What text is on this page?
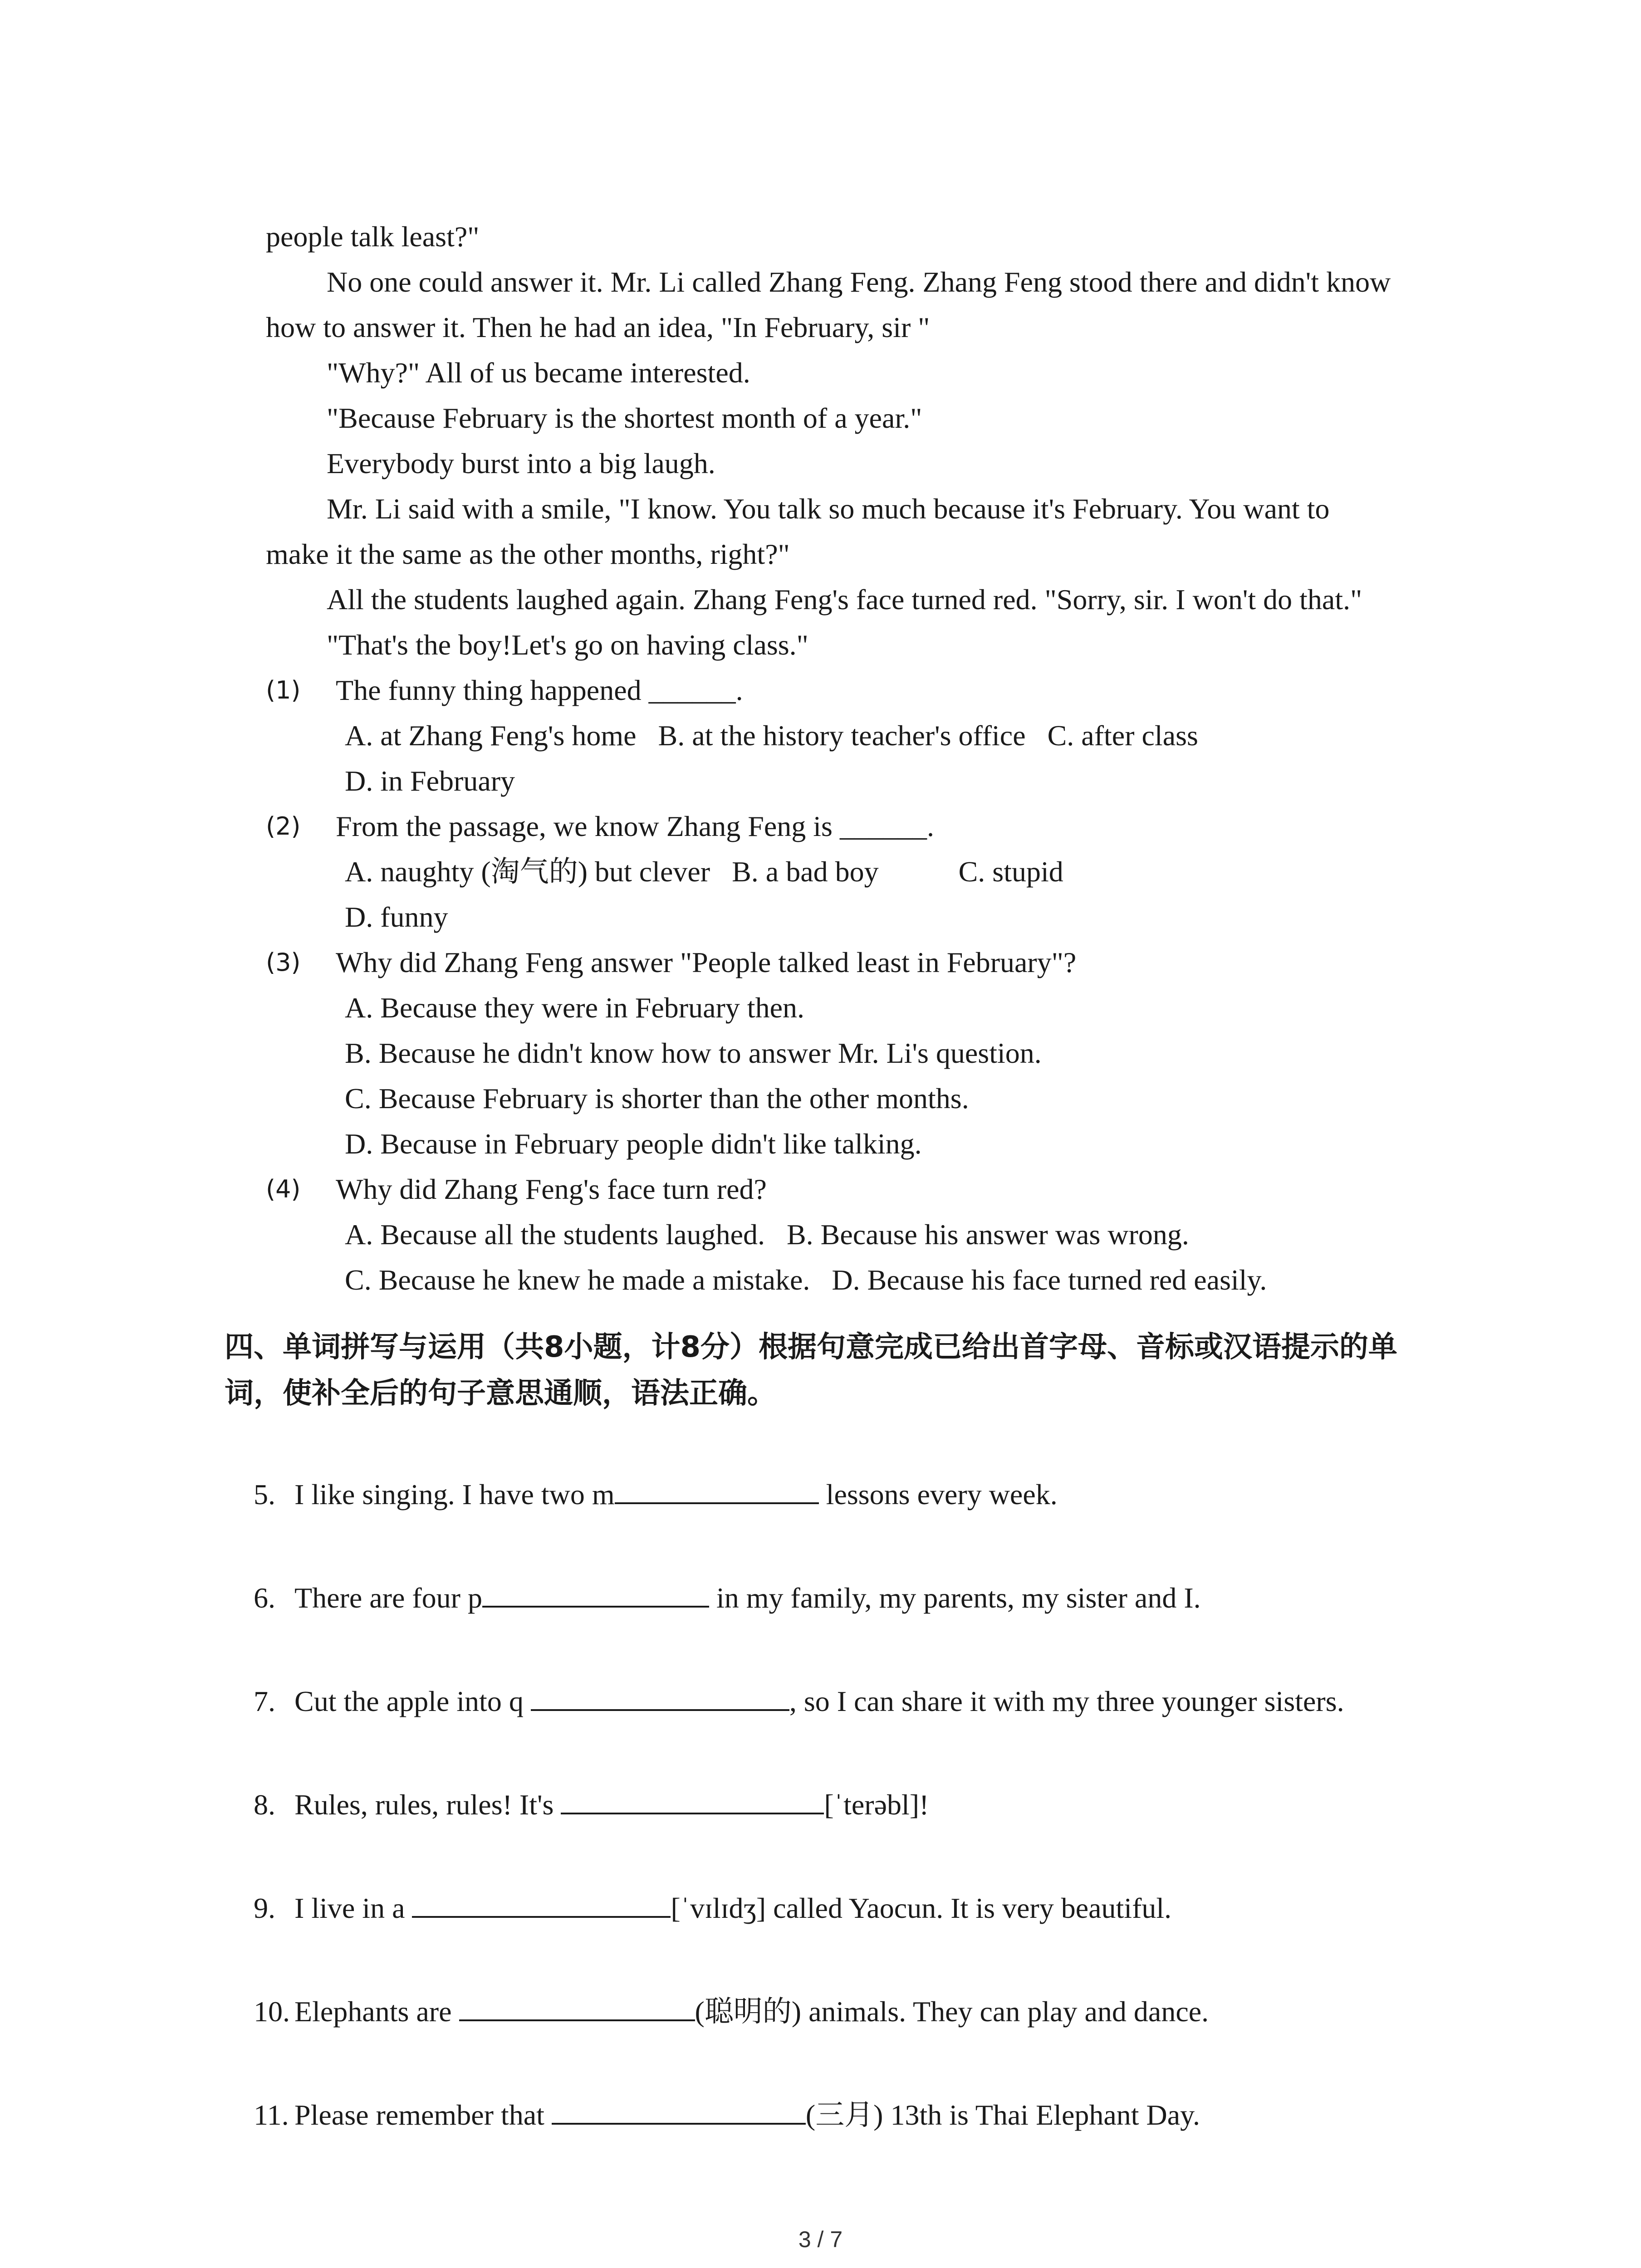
people talk least?"
No one could answer it. Mr. Li called Zhang Feng. Zhang Feng stood there and didn't know
how to answer it. Then he had an idea, "In February, sir "
"Why?" All of us became interested.
"Because February is the shortest month of a year."
Everybody burst into a big laugh.
Mr. Li said with a smile, "I know. You talk so much because it's February. You want to
make it the same as the other months, right?"
All the students laughed again. Zhang Feng's face turned red. "Sorry, sir. I won't do that."
"That's the boy!Let's go on having class."
(1) The funny thing happened ______.
A. at Zhang Feng's home   B. at the history teacher's office   C. after class
D. in February
(2) From the passage, we know Zhang Feng is ______.
A. naughty (淘气的) but clever   B. a bad boy           C. stupid
D. funny
(3) Why did Zhang Feng answer "People talked least in February"?
A. Because they were in February then.
B. Because he didn't know how to answer Mr. Li's question.
C. Because February is shorter than the other months.
D. Because in February people didn't like talking.
(4) Why did Zhang Feng's face turn red?
A. Because all the students laughed.   B. Because his answer was wrong.
C. Because he knew he made a mistake.   D. Because his face turned red easily.
四、单词拼写与运用（共8小题，计8分）根据句意完成已给出首字母、音标或汉语提示的单
词，使补全后的句子意思通顺，语法正确。

5. I like singing. I have two m	lessons every week.

6. There are four p	in my family, my parents, my sister and I.

7. Cut the apple into q	, so I can share it with my three younger sisters.

8. Rules, rules, rules! It's	[ˈterəbl]!

9. I live in a	[ˈvɪlɪdʒ] called Yaocun. It is very beautiful.

10. Elephants are	(聪明的) animals. They can play and dance.

11. Please remember that	(三月) 13th is Thai Elephant Day.

3 / 7
